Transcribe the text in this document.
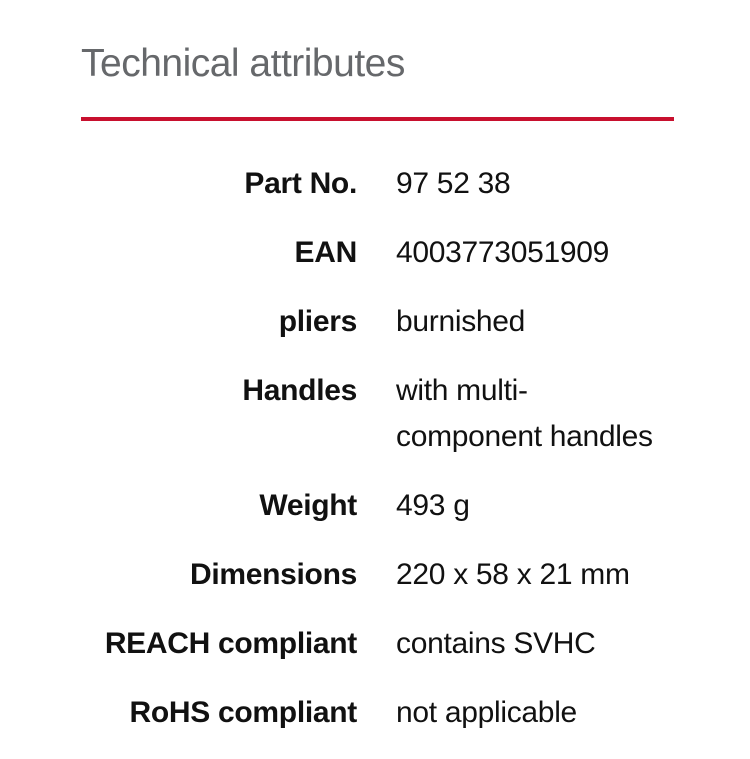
Technical attributes
Part No. 97 52 38
EAN 4003773051909
pliers burnished
Handles with multi-component handles
Weight 493 g
Dimensions 220 x 58 x 21 mm
REACH compliant contains SVHC
RoHS compliant not applicable
